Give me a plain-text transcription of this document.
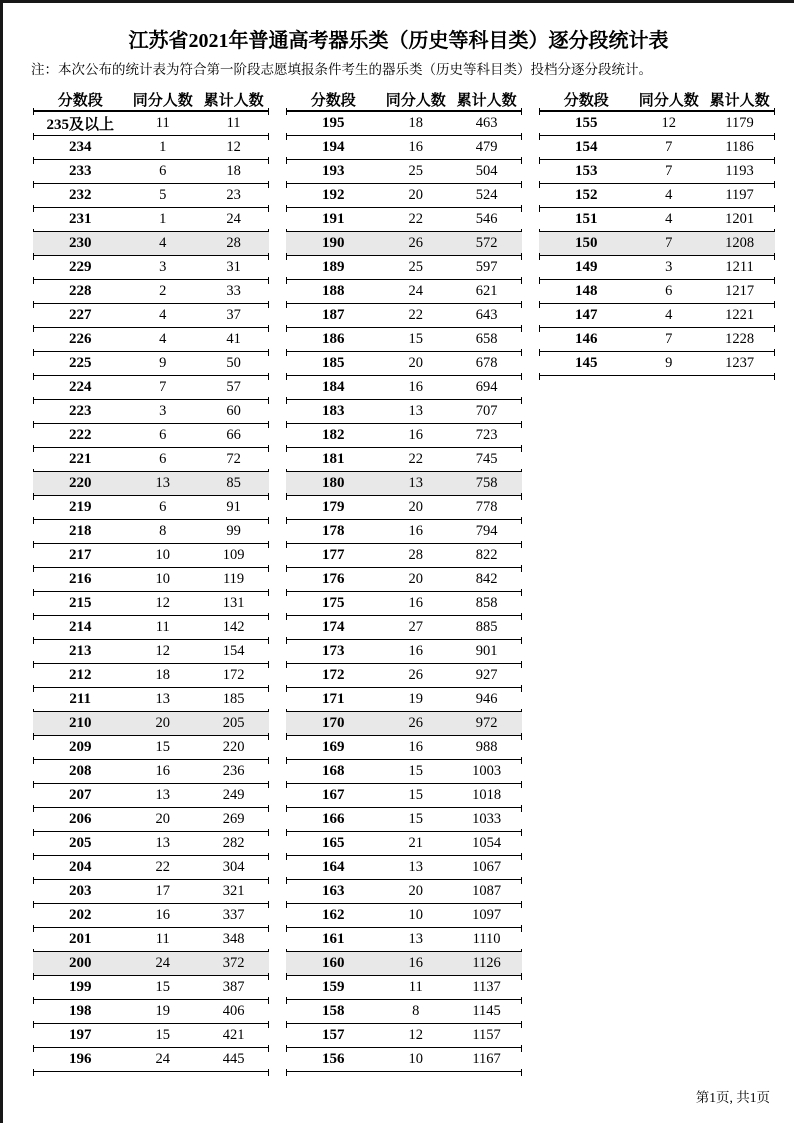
江苏省2021年普通高考器乐类（历史等科目类）逐分段统计表
注：本次公布的统计表为符合第一阶段志愿填报条件考生的器乐类（历史等科目类）投档分逐分段统计。
分数段	同分人数 累计人数
235及以上	11	11
234	1	12
233	6	18
232	5	23
231	1	24
230	4	28
229	3	31
228	2	33
227	4	37
226	4	41
225	9	50
224	7	57
223	3	60
222	6	66
221	6	72
220	13	85
219	6	91
218	8	99
217	10	109
216	10	119
215	12	131
214	11	142
213	12	154
212	18	172
211	13	185
210	20	205
209	15	220
208	16	236
207	13	249
206	20	269
205	13	282
204	22	304
203	17	321
202	16	337
201	11	348
200	24	372
199	15	387
198	19	406
197	15	421
196	24	445
分数段	同分人数 累计人数
195	18	463
194	16	479
193	25	504
192	20	524
191	22	546
190	26	572
189	25	597
188	24	621
187	22	643
186	15	658
185	20	678
184	16	694
183	13	707
182	16	723
181	22	745
180	13	758
179	20	778
178	16	794
177	28	822
176	20	842
175	16	858
174	27	885
173	16	901
172	26	927
171	19	946
170	26	972
169	16	988
168	15	1003
167	15	1018
166	15	1033
165	21	1054
164	13	1067
163	20	1087
162	10	1097
161	13	1110
160	16	1126
159	11	1137
158	8	1145
157	12	1157
156	10	1167
分数段	同分人数 累计人数
155	12	1179
154	7	1186
153	7	1193
152	4	1197
151	4	1201
150	7	1208
149	3	1211
148	6	1217
147	4	1221
146	7	1228
145	9	1237
第1页, 共1页
